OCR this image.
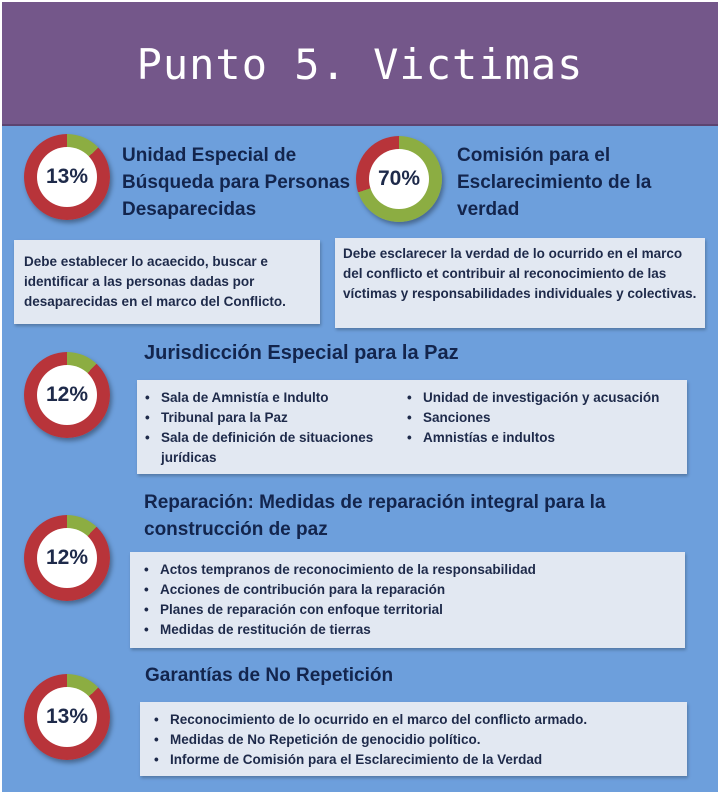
Punto 5. Victimas
13%
Unidad Especial de Búsqueda para Personas Desaparecidas

Debe establecer lo acaecido, buscar e identificar a las personas dadas por desaparecidas en el marco del Conflicto.

70%
Comisión para el Esclarecimiento de la verdad

Debe esclarecer la verdad de lo ocurrido en el marco del conflicto et contribuir al reconocimiento de las víctimas y responsabilidades individuales y colectivas.

12%
Jurisdicción Especial para la Paz
• Sala de Amnistía e Indulto
• Tribunal para la Paz
• Sala de definición de situaciones jurídicas
• Unidad de investigación y acusación
• Sanciones
• Amnistías e indultos
12%
Reparación: Medidas de reparación integral para la construcción de paz
• Actos tempranos de reconocimiento de la responsabilidad
• Acciones de contribución para la reparación
• Planes de reparación con enfoque territorial
• Medidas de restitución de tierras
13%
Garantías de No Repetición
• Reconocimiento de lo ocurrido en el marco del conflicto armado.
• Medidas de No Repetición de genocidio político.
• Informe de Comisión para el Esclarecimiento de la Verdad
